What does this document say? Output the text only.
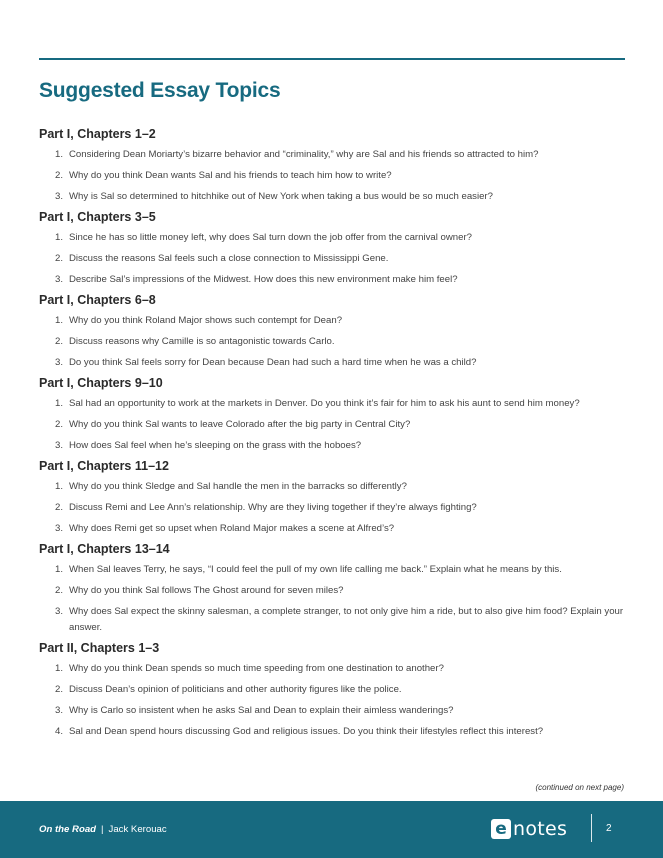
Suggested Essay Topics
Part I, Chapters 1–2
1. Considering Dean Moriarty’s bizarre behavior and “criminality,” why are Sal and his friends so attracted to him?
2. Why do you think Dean wants Sal and his friends to teach him how to write?
3. Why is Sal so determined to hitchhike out of New York when taking a bus would be so much easier?
Part I, Chapters 3–5
1. Since he has so little money left, why does Sal turn down the job offer from the carnival owner?
2. Discuss the reasons Sal feels such a close connection to Mississippi Gene.
3. Describe Sal’s impressions of the Midwest. How does this new environment make him feel?
Part I, Chapters 6–8
1. Why do you think Roland Major shows such contempt for Dean?
2. Discuss reasons why Camille is so antagonistic towards Carlo.
3. Do you think Sal feels sorry for Dean because Dean had such a hard time when he was a child?
Part I, Chapters 9–10
1. Sal had an opportunity to work at the markets in Denver. Do you think it’s fair for him to ask his aunt to send him money?
2. Why do you think Sal wants to leave Colorado after the big party in Central City?
3. How does Sal feel when he’s sleeping on the grass with the hoboes?
Part I, Chapters 11–12
1. Why do you think Sledge and Sal handle the men in the barracks so differently?
2. Discuss Remi and Lee Ann’s relationship. Why are they living together if they’re always fighting?
3. Why does Remi get so upset when Roland Major makes a scene at Alfred’s?
Part I, Chapters 13–14
1. When Sal leaves Terry, he says, “I could feel the pull of my own life calling me back.” Explain what he means by this.
2. Why do you think Sal follows The Ghost around for seven miles?
3. Why does Sal expect the skinny salesman, a complete stranger, to not only give him a ride, but to also give him food? Explain your answer.
Part II, Chapters 1–3
1. Why do you think Dean spends so much time speeding from one destination to another?
2. Discuss Dean’s opinion of politicians and other authority figures like the police.
3. Why is Carlo so insistent when he asks Sal and Dean to explain their aimless wanderings?
4. Sal and Dean spend hours discussing God and religious issues. Do you think their lifestyles reflect this interest?
(continued on next page)
On the Road | Jack Kerouac	e notes	2
